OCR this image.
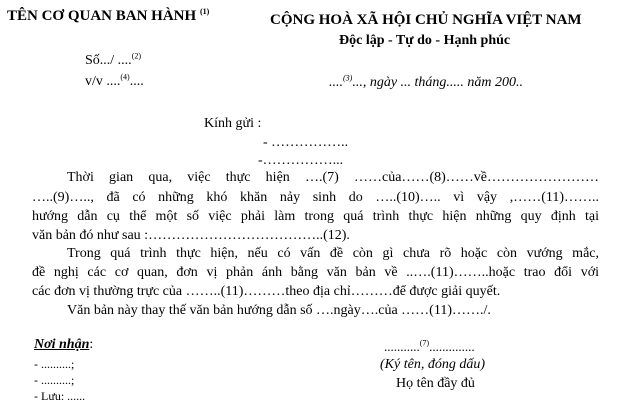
TÊN CƠ QUAN BAN HÀNH $^{(1)}$
Số.../ ....$^{(2)}$
v/v ....$^{(4)}$....
CỘNG HOÀ XÃ HỘI CHỦ NGHĨA VIỆT NAM
Độc lập - Tự do - Hạnh phúc
....$^{(3)}$..., ngày ... tháng..... năm 200..
Kính gửi :
- ……………..
-……………...
Thời gian qua, việc thực hiện ….(7) ……của……(8)……về……………………
…..(9)….., đã có những khó khăn nảy sinh do …..(10)….. vì vậy ,……(11)……..
hướng dẫn cụ thể một số việc phải làm trong quá trình thực hiện những quy định tại
văn bản đó như sau :………………………………..(12).
Trong quá trình thực hiện, nếu có vấn đề còn gì chưa rõ hoặc còn vướng mắc,
đề nghị các cơ quan, đơn vị phản ánh bằng văn bản về ..….(11)……..hoặc trao đổi với
các đơn vị thường trực của ……..(11)………theo địa chỉ………để được giải quyết.
Văn bản này thay thế văn bản hướng dẫn số ….ngày….của ……(11)……./.
Nơi nhận:
- ..........;
- ..........;
- Lưu: ......
...........$^{(7)}$..............
(Ký tên, đóng dấu)
Họ tên đầy đủ
